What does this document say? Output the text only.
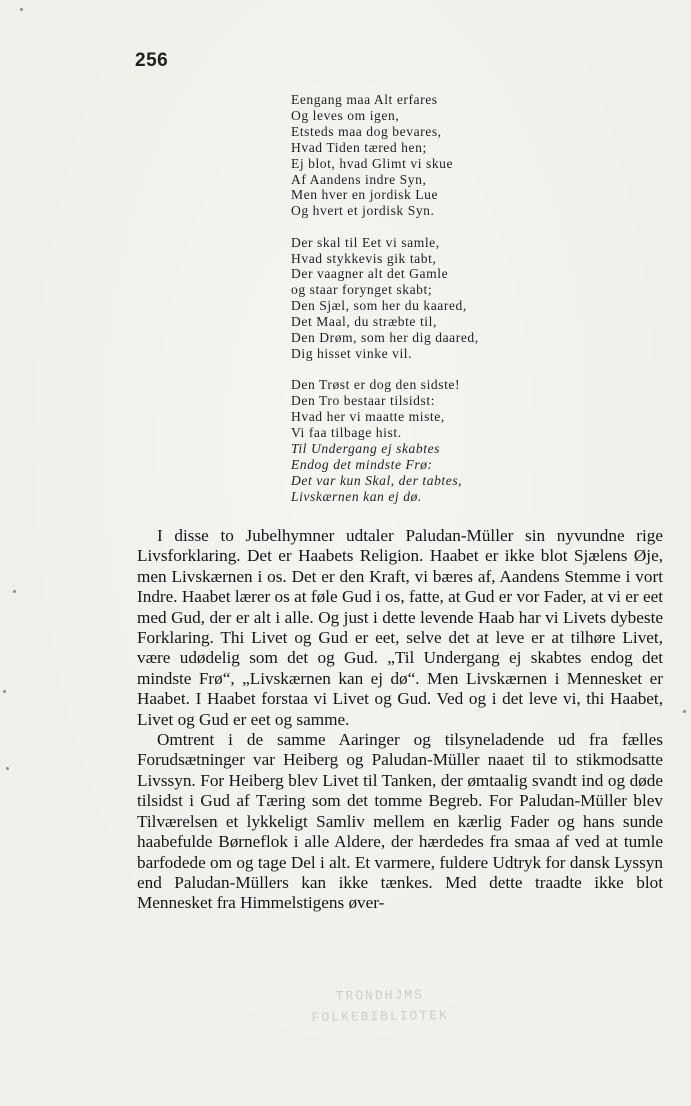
256
Eengang maa Alt erfares
Og leves om igen,
Etsteds maa dog bevares,
Hvad Tiden tæred hen;
Ej blot, hvad Glimt vi skue
Af Aandens indre Syn,
Men hver en jordisk Lue
Og hvert et jordisk Syn.
Der skal til Eet vi samle,
Hvad stykkevis gik tabt,
Der vaagner alt det Gamle
og staar forynget skabt;
Den Sjæl, som her du kaared,
Det Maal, du stræbte til,
Den Drøm, som her dig daared,
Dig hisset vinke vil.
Den Trøst er dog den sidste!
Den Tro bestaar tilsidst:
Hvad her vi maatte miste,
Vi faa tilbage hist.
Til Undergang ej skabtes
Endog det mindste Frø:
Det var kun Skal, der tabtes,
Livskærnen kan ej dø.

I disse to Jubelhymner udtaler Paludan-Müller sin nyvundne rige Livsforklaring. Det er Haabets Religion. Haabet er ikke blot Sjælens Øje, men Livskærnen i os. Det er den Kraft, vi bæres af, Aandens Stemme i vort Indre. Haabet lærer os at føle Gud i os, fatte, at Gud er vor Fader, at vi er eet med Gud, der er alt i alle. Og just i dette levende Haab har vi Livets dybeste Forklaring. Thi Livet og Gud er eet, selve det at leve er at tilhøre Livet, være udødelig som det og Gud. „Til Undergang ej skabtes endog det mindste Frø“, „Livskærnen kan ej dø“. Men Livskærnen i Mennesket er Haabet. I Haabet forstaa vi Livet og Gud. Ved og i det leve vi, thi Haabet, Livet og Gud er eet og samme.

Omtrent i de samme Aaringer og tilsyneladende ud fra fælles Forudsætninger var Heiberg og Paludan-Müller naaet til to stikmodsatte Livssyn. For Heiberg blev Livet til Tanken, der ømtaalig svandt ind og døde tilsidst i Gud af Tæring som det tomme Begreb. For Paludan-Müller blev Tilværelsen et lykkeligt Samliv mellem en kærlig Fader og hans sunde haabefulde Børneflok i alle Aldere, der hærdedes fra smaa af ved at tumle barfodede om og tage Del i alt. Et varmere, fuldere Udtryk for dansk Lyssyn end Paludan-Müllers kan ikke tænkes. Med dette traadte ikke blot Mennesket fra Himmelstigens øver-

TRONDHJMS
FOLKEBIBLIOTEK
